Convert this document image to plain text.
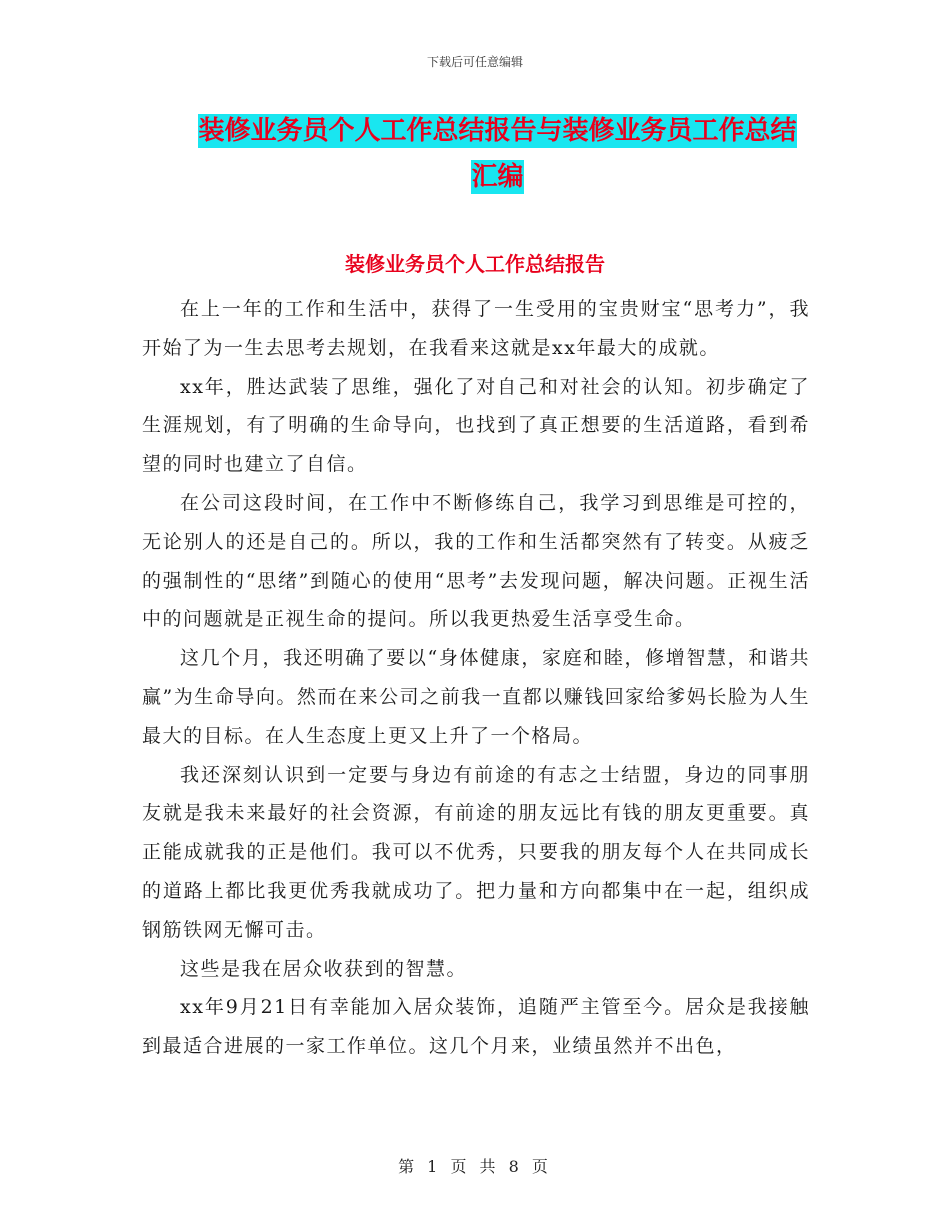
下载后可任意编辑
装修业务员个人工作总结报告与装修业务员工作总结汇编
装修业务员个人工作总结报告

在上一年的工作和生活中，获得了一生受用的宝贵财宝“思考力”，我开始了为一生去思考去规划，在我看来这就是xx年最大的成就。

xx年，胜达武装了思维，强化了对自己和对社会的认知。初步确定了生涯规划，有了明确的生命导向，也找到了真正想要的生活道路，看到希望的同时也建立了自信。

在公司这段时间，在工作中不断修练自己，我学习到思维是可控的，无论别人的还是自己的。所以，我的工作和生活都突然有了转变。从疲乏的强制性的“思绪”到随心的使用“思考”去发现问题，解决问题。正视生活中的问题就是正视生命的提问。所以我更热爱生活享受生命。

这几个月，我还明确了要以“身体健康，家庭和睦，修增智慧，和谐共赢”为生命导向。然而在来公司之前我一直都以赚钱回家给爹妈长脸为人生最大的目标。在人生态度上更又上升了一个格局。

我还深刻认识到一定要与身边有前途的有志之士结盟，身边的同事朋友就是我未来最好的社会资源，有前途的朋友远比有钱的朋友更重要。真正能成就我的正是他们。我可以不优秀，只要我的朋友每个人在共同成长的道路上都比我更优秀我就成功了。把力量和方向都集中在一起，组织成钢筋铁网无懈可击。

这些是我在居众收获到的智慧。

xx年9月21日有幸能加入居众装饰，追随严主管至今。居众是我接触到最适合进展的一家工作单位。这几个月来，业绩虽然并不出色，

第 1 页 共 8 页
